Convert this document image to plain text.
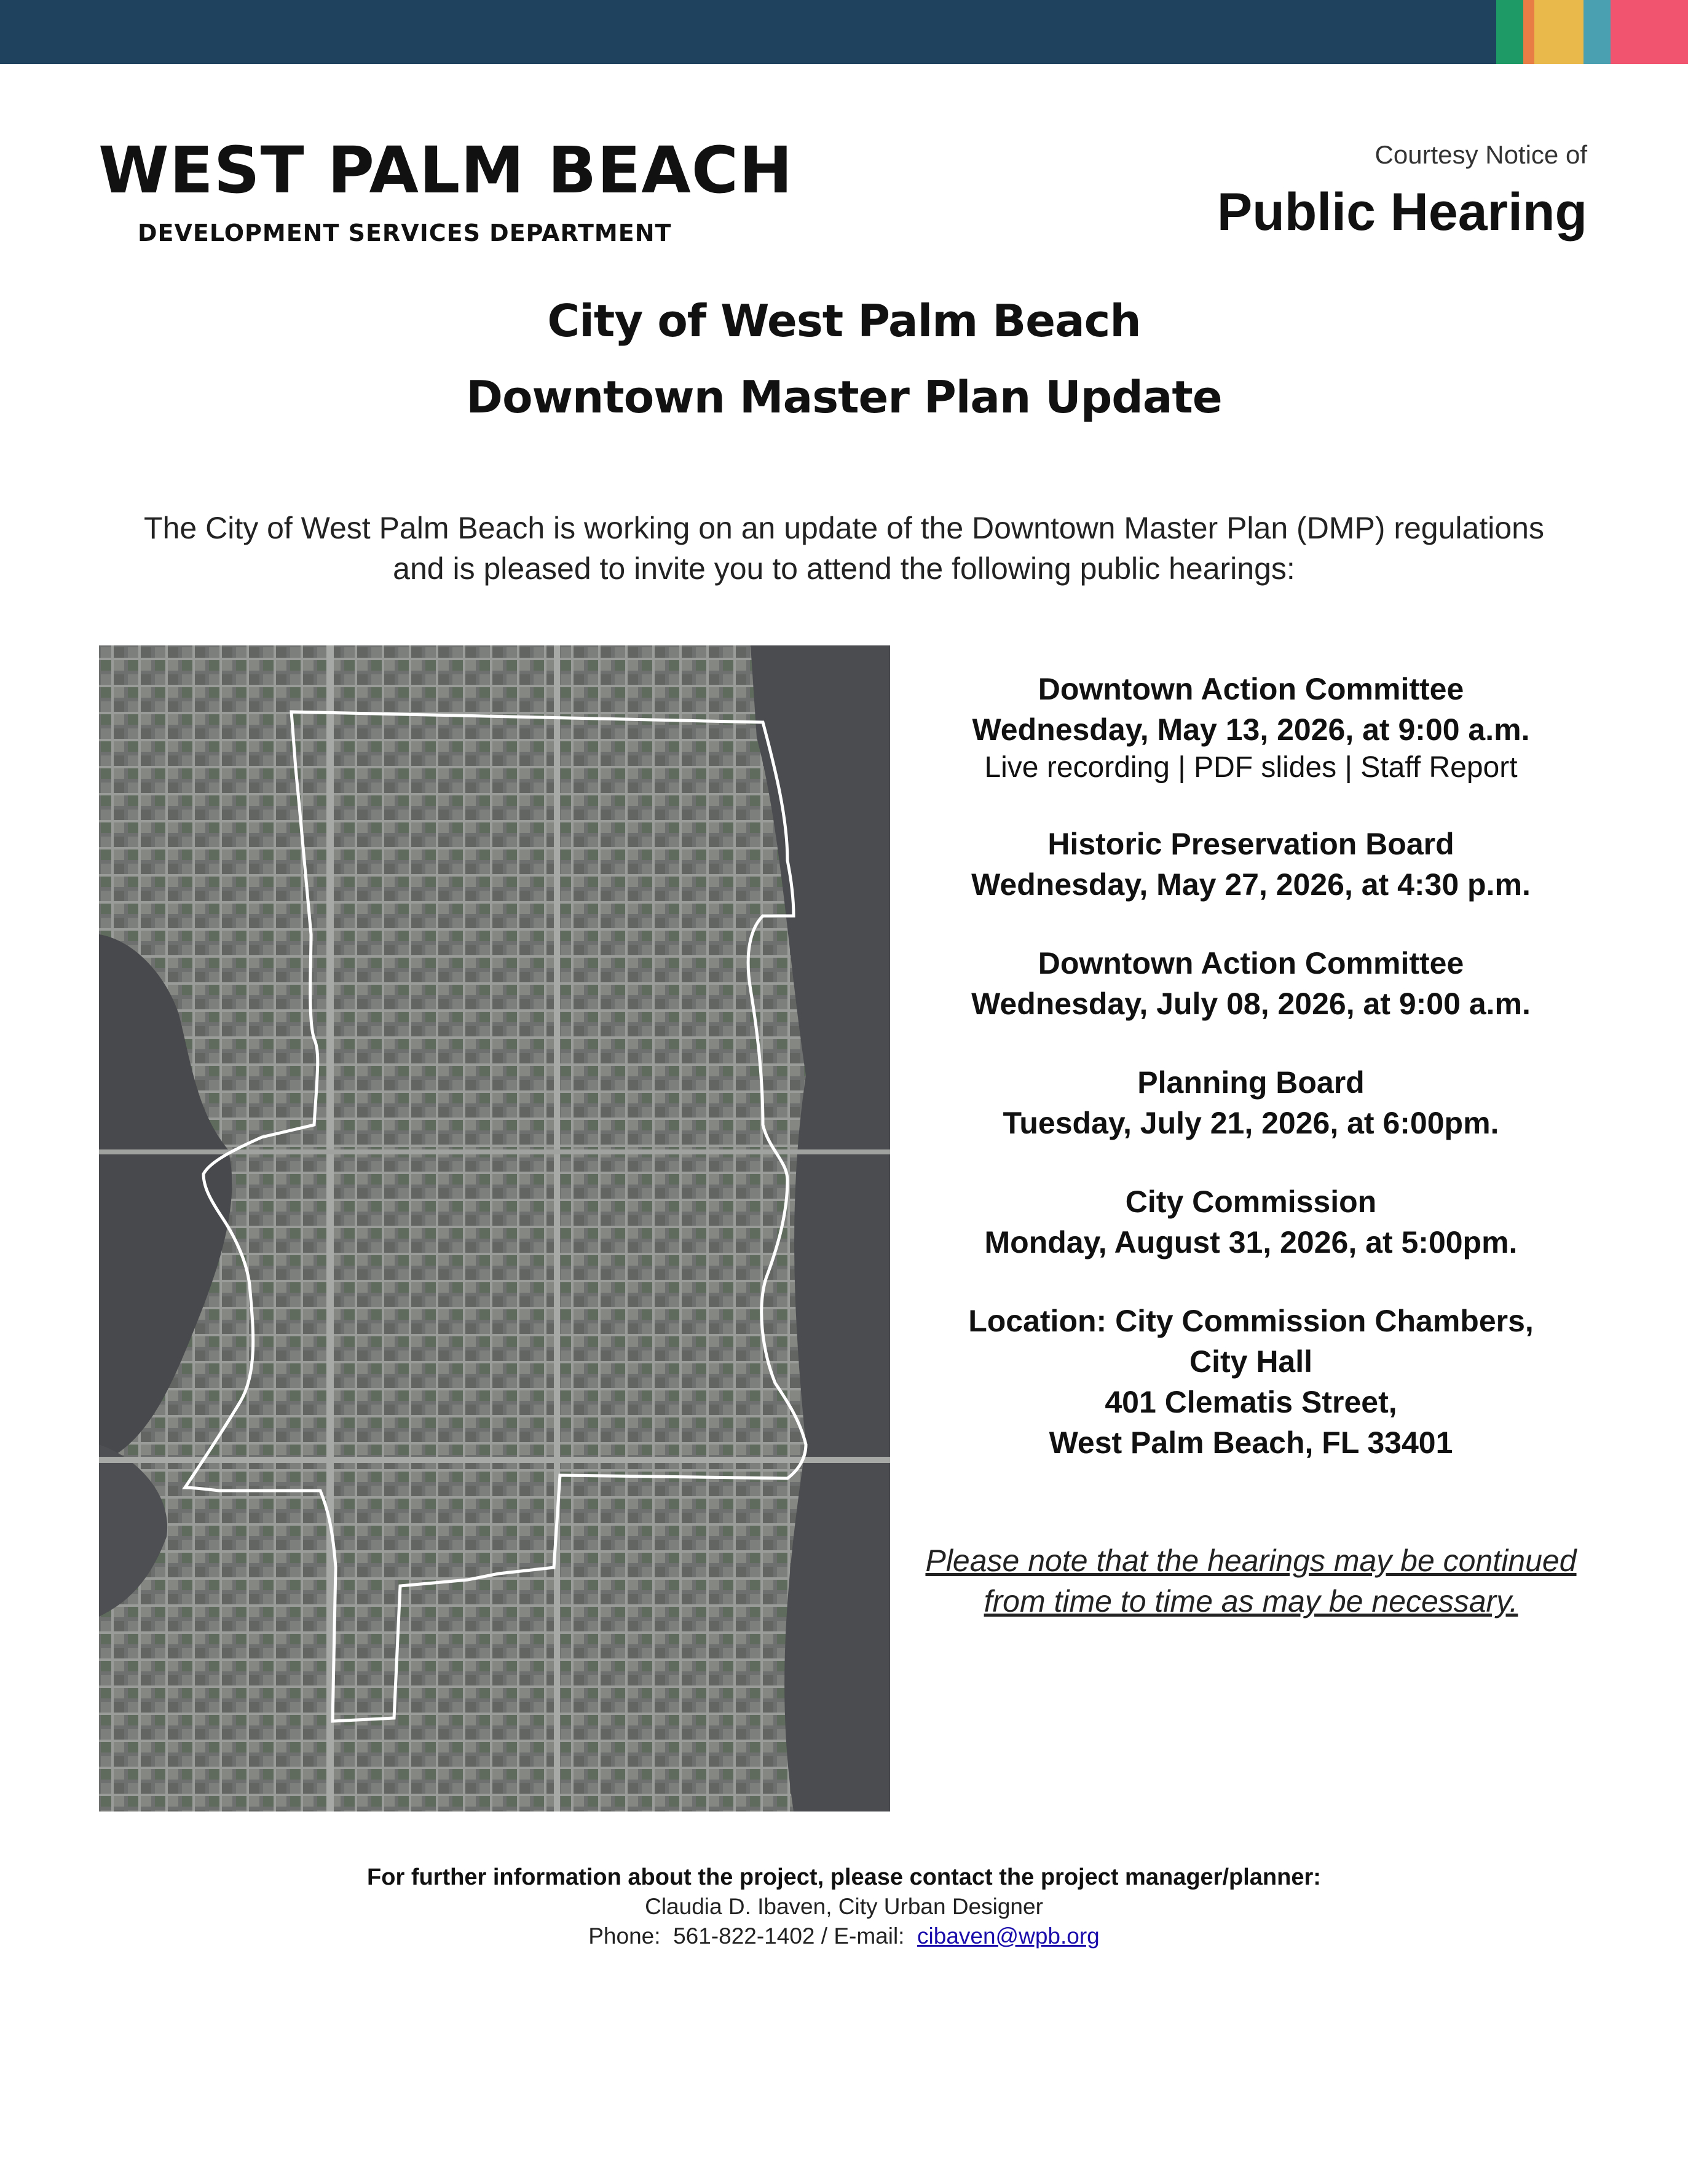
WEST PALM BEACH
DEVELOPMENT SERVICES DEPARTMENT
Courtesy Notice of
Public Hearing
City of West Palm Beach
Downtown Master Plan Update
The City of West Palm Beach is working on an update of the Downtown Master Plan (DMP) regulations
and is pleased to invite you to attend the following public hearings:
Downtown Action Committee
Wednesday, May 13, 2026, at 9:00 a.m.
Live recording | PDF slides | Staff Report
Historic Preservation Board
Wednesday, May 27, 2026, at 4:30 p.m.
Downtown Action Committee
Wednesday, July 08, 2026, at 9:00 a.m.
Planning Board
Tuesday, July 21, 2026, at 6:00pm.
City Commission
Monday, August 31, 2026, at 5:00pm.
Location: City Commission Chambers,
City Hall
401 Clematis Street,
West Palm Beach, FL 33401
Please note that the hearings may be continued
from time to time as may be necessary.
For further information about the project, please contact the project manager/planner:
Claudia D. Ibaven, City Urban Designer
Phone: 561-822-1402 / E-mail: cibaven@wpb.org
